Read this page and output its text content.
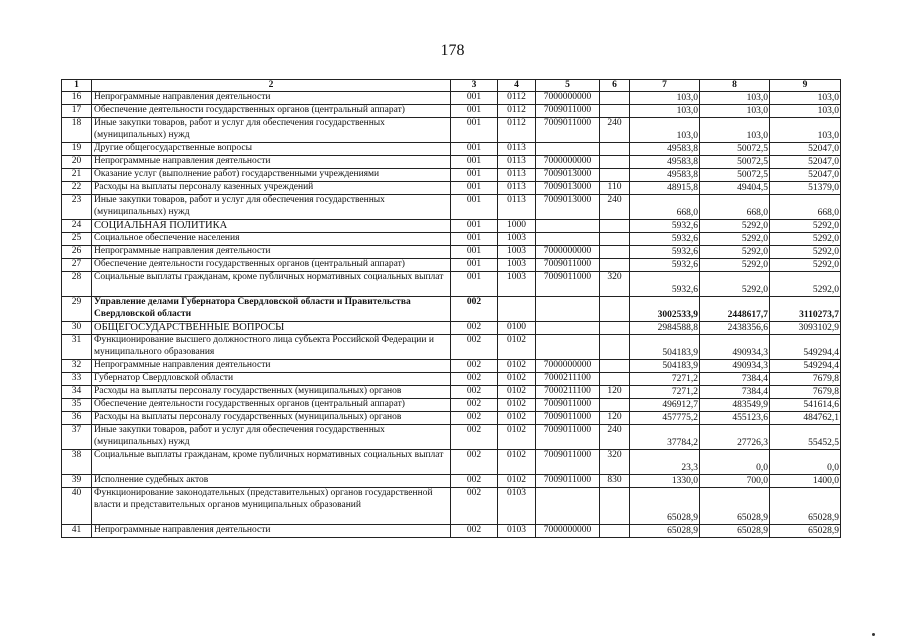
178
1	2	3	4	5	6	7	8	9
16	Непрограммные направления деятельности	001	0112	7000000000		103,0	103,0	103,0
17	Обеспечение деятельности государственных органов (центральный аппарат)	001	0112	7009011000		103,0	103,0	103,0
18	Иные закупки товаров, работ и услуг для обеспечения государственных (муниципальных) нужд	001	0112	7009011000	240	103,0	103,0	103,0
19	Другие общегосударственные вопросы	001	0113			49583,8	50072,5	52047,0
20	Непрограммные направления деятельности	001	0113	7000000000		49583,8	50072,5	52047,0
21	Оказание услуг (выполнение работ) государственными учреждениями	001	0113	7009013000		49583,8	50072,5	52047,0
22	Расходы на выплаты персоналу казенных учреждений	001	0113	7009013000	110	48915,8	49404,5	51379,0
23	Иные закупки товаров, работ и услуг для обеспечения государственных (муниципальных) нужд	001	0113	7009013000	240	668,0	668,0	668,0
24	СОЦИАЛЬНАЯ ПОЛИТИКА	001	1000			5932,6	5292,0	5292,0
25	Социальное обеспечение населения	001	1003			5932,6	5292,0	5292,0
26	Непрограммные направления деятельности	001	1003	7000000000		5932,6	5292,0	5292,0
27	Обеспечение деятельности государственных органов (центральный аппарат)	001	1003	7009011000		5932,6	5292,0	5292,0
28	Социальные выплаты гражданам, кроме публичных нормативных социальных выплат	001	1003	7009011000	320	5932,6	5292,0	5292,0
29	Управление делами Губернатора Свердловской области и Правительства Свердловской области	002				3002533,9	2448617,7	3110273,7
30	ОБЩЕГОСУДАРСТВЕННЫЕ ВОПРОСЫ	002	0100			2984588,8	2438356,6	3093102,9
31	Функционирование высшего должностного лица субъекта Российской Федерации и муниципального образования	002	0102			504183,9	490934,3	549294,4
32	Непрограммные направления деятельности	002	0102	7000000000		504183,9	490934,3	549294,4
33	Губернатор Свердловской области	002	0102	7000211100		7271,2	7384,4	7679,8
34	Расходы на выплаты персоналу государственных (муниципальных) органов	002	0102	7000211100	120	7271,2	7384,4	7679,8
35	Обеспечение деятельности государственных органов (центральный аппарат)	002	0102	7009011000		496912,7	483549,9	541614,6
36	Расходы на выплаты персоналу государственных (муниципальных) органов	002	0102	7009011000	120	457775,2	455123,6	484762,1
37	Иные закупки товаров, работ и услуг для обеспечения государственных (муниципальных) нужд	002	0102	7009011000	240	37784,2	27726,3	55452,5
38	Социальные выплаты гражданам, кроме публичных нормативных социальных выплат	002	0102	7009011000	320	23,3	0,0	0,0
39	Исполнение судебных актов	002	0102	7009011000	830	1330,0	700,0	1400,0
40	Функционирование законодательных (представительных) органов государственной власти и представительных органов муниципальных образований	002	0103			65028,9	65028,9	65028,9
41	Непрограммные направления деятельности	002	0103	7000000000		65028,9	65028,9	65028,9
